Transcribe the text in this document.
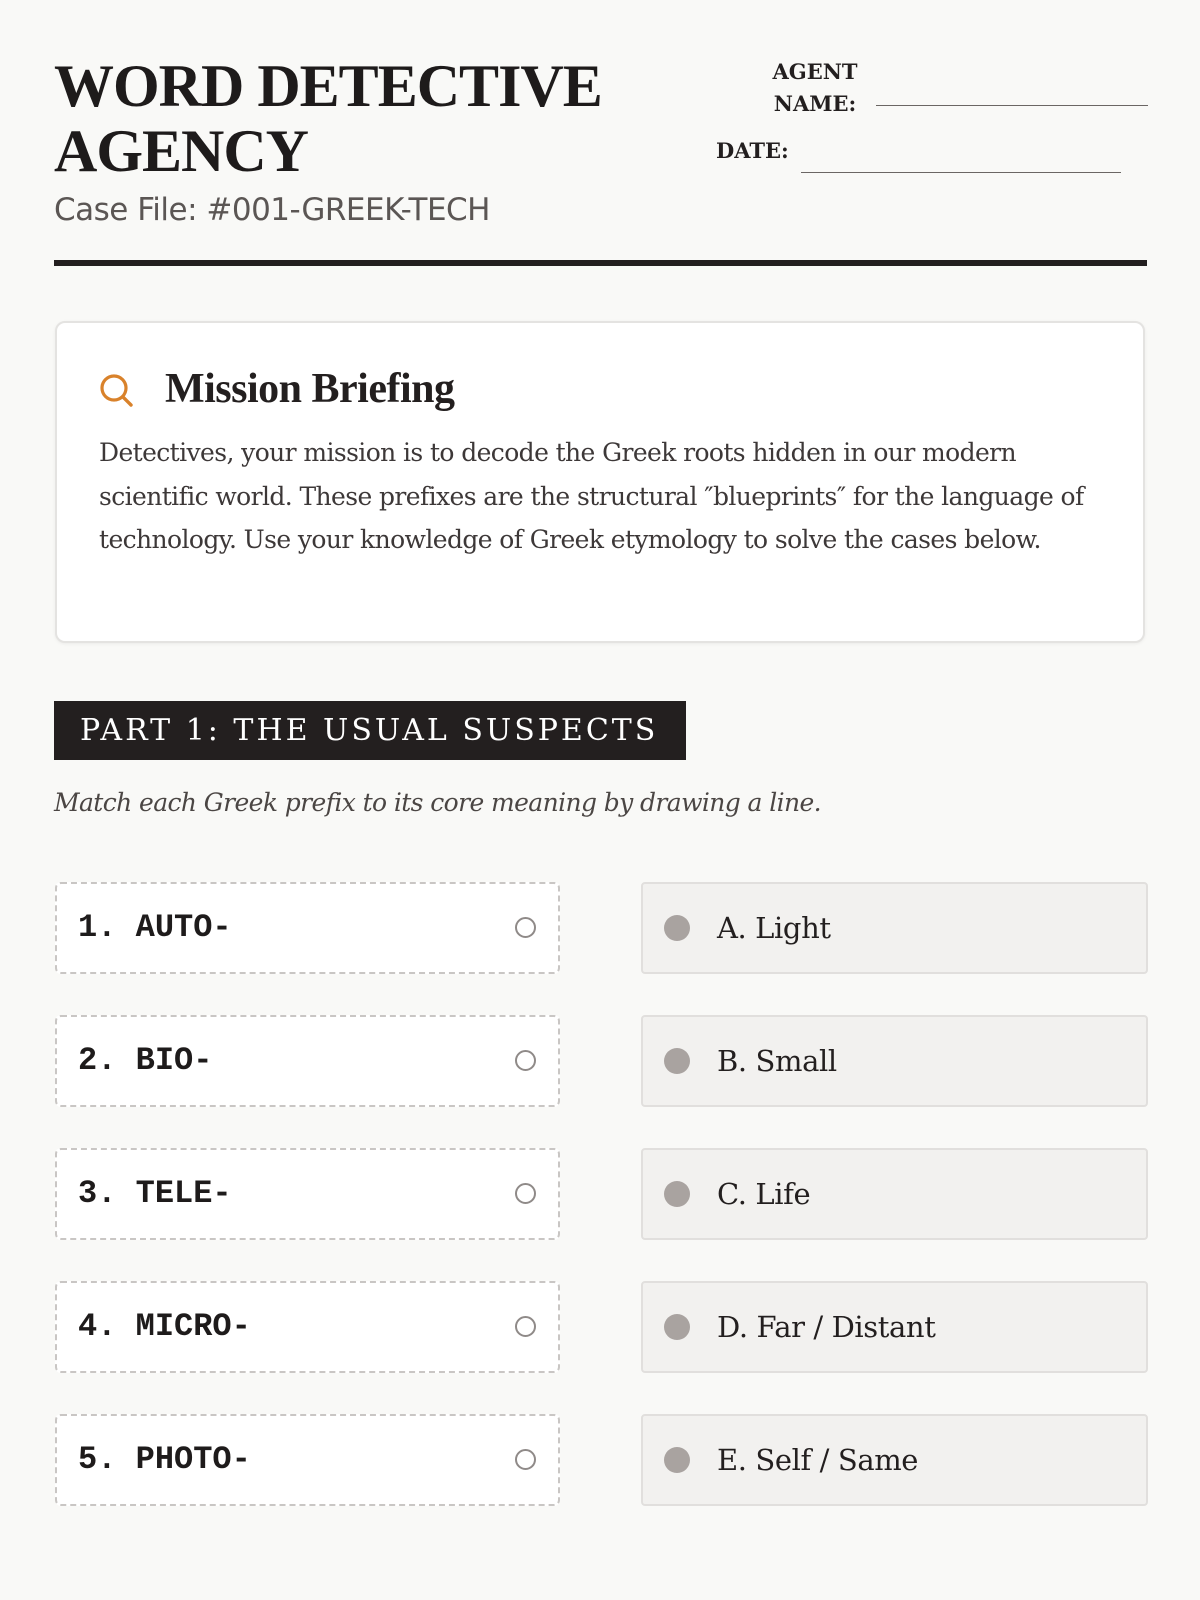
WORD DETECTIVE AGENCY
Case File: #001-GREEK-TECH
AGENT NAME:
DATE:
Mission Briefing
Detectives, your mission is to decode the Greek roots hidden in our modern scientific world. These prefixes are the structural ″blueprints″ for the language of technology. Use your knowledge of Greek etymology to solve the cases below.
PART 1: THE USUAL SUSPECTS
Match each Greek prefix to its core meaning by drawing a line.
1. AUTO-
2. BIO-
3. TELE-
4. MICRO-
5. PHOTO-
A. Light
B. Small
C. Life
D. Far / Distant
E. Self / Same
